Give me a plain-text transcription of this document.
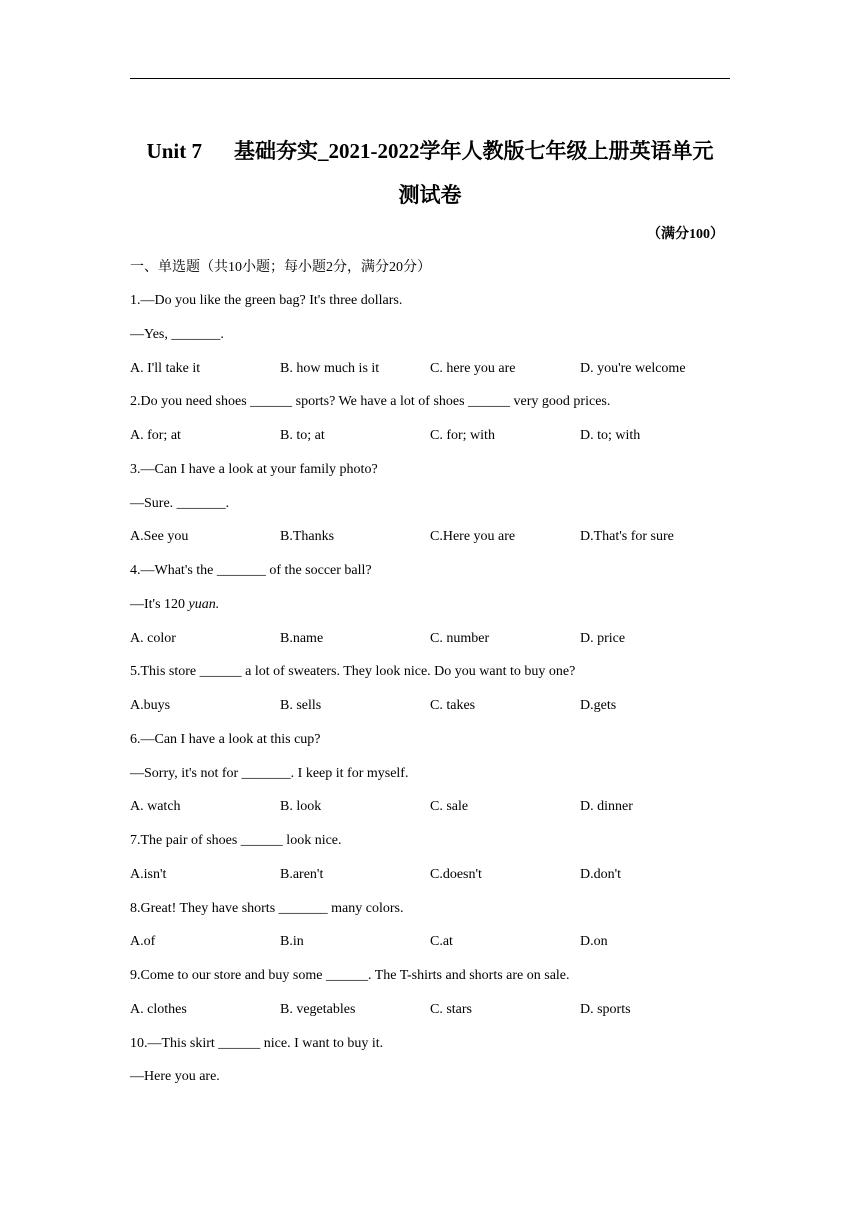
Unit 7 基础夯实_2021-2022学年人教版七年级上册英语单元
测试卷
（满分100）
一、单选题（共10小题；每小题2分，满分20分）
1.—Do you like the green bag? It's three dollars.
—Yes, _______.
A. I'll take it	B. how much is it	C. here you are	D. you're welcome
2.Do you need shoes ______ sports? We have a lot of shoes ______ very good prices.
A. for; at	B. to; at	C. for; with	D. to; with
3.—Can I have a look at your family photo?
—Sure. _______.
A.See you	B.Thanks	C.Here you are	D.That's for sure
4.—What's the _______ of the soccer ball?
—It's 120 yuan.
A. color	B.name	C. number	D. price
5.This store ______ a lot of sweaters. They look nice. Do you want to buy one?
A.buys	B. sells	C. takes	D.gets
6.—Can I have a look at this cup?
—Sorry, it's not for _______. I keep it for myself.
A. watch	B. look	C. sale	D. dinner
7.The pair of shoes ______ look nice.
A.isn't	B.aren't	C.doesn't	D.don't
8.Great! They have shorts _______ many colors.
A.of	B.in	C.at	D.on
9.Come to our store and buy some ______. The T-shirts and shorts are on sale.
A. clothes	B. vegetables	C. stars	D. sports
10.—This skirt ______ nice. I want to buy it.
—Here you are.
